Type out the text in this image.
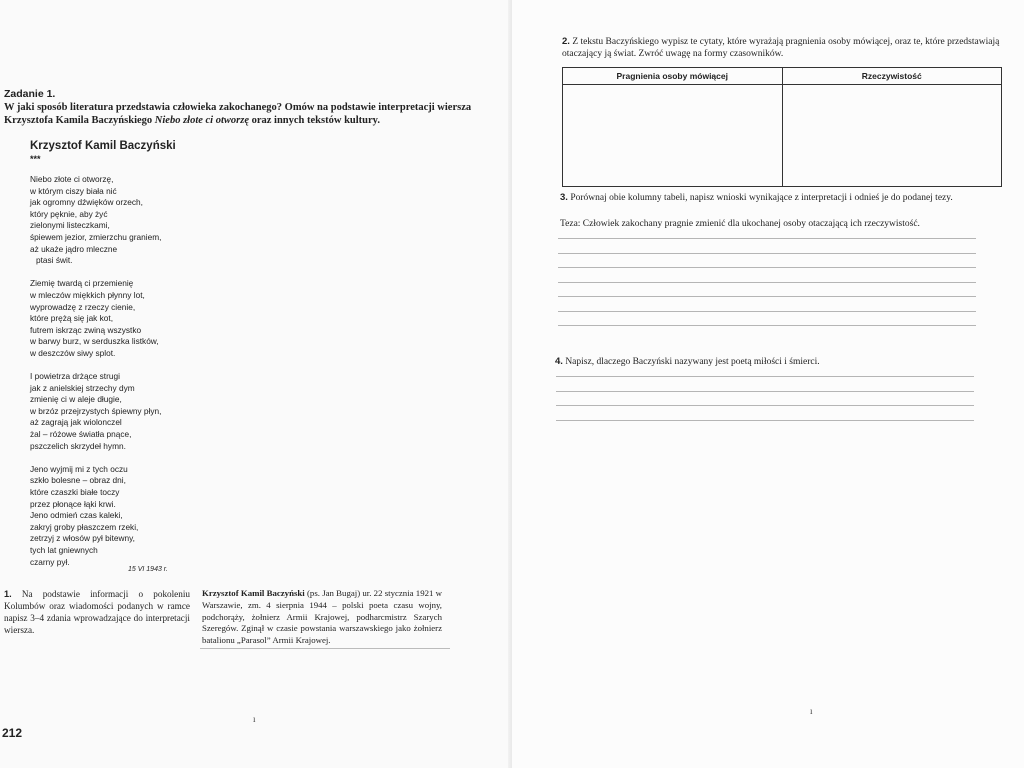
Zadanie 1.
W jaki sposób literatura przedstawia człowieka zakochanego? Omów na podstawie interpretacji wiersza Krzysztofa Kamila Baczyńskiego Niebo złote ci otworzę oraz innych tekstów kultury.
Krzysztof Kamil Baczyński
***
Niebo złote ci otworzę,
w którym ciszy biała nić
jak ogromny dźwięków orzech,
który pęknie, aby żyć
zielonymi listeczkami,
śpiewem jezior, zmierzchu graniem,
aż ukaże jądro mleczne
ptasi świt.
Ziemię twardą ci przemienię
w mleczów miękkich płynny lot,
wyprowadzę z rzeczy cienie,
które prężą się jak kot,
futrem iskrząc zwiną wszystko
w barwy burz, w serduszka listków,
w deszczów siwy splot.
I powietrza drżące strugi
jak z anielskiej strzechy dym
zmienię ci w aleje długie,
w brzóz przejrzystych śpiewny płyn,
aż zagrają jak wiolonczel
żal – różowe światła pnące,
pszczelich skrzydeł hymn.
Jeno wyjmij mi z tych oczu
szkło bolesne – obraz dni,
które czaszki białe toczy
przez płonące łąki krwi.
Jeno odmień czas kaleki,
zakryj groby płaszczem rzeki,
zetrzyj z włosów pył bitewny,
tych lat gniewnych
czarny pył.
15 VI 1943 r.
1. Na podstawie informacji o pokoleniu Kolumbów oraz wiadomości podanych w ramce napisz 3–4 zdania wprowadzające do interpretacji wiersza.
Krzysztof Kamil Baczyński (ps. Jan Bugaj) ur. 22 stycznia 1921 w Warszawie, zm. 4 sierpnia 1944 – polski poeta czasu wojny, podchorąży, żołnierz Armii Krajowej, podharcmistrz Szarych Szeregów. Zginął w czasie powstania warszawskiego jako żołnierz batalionu „Parasol” Armii Krajowej.
212
ı
2. Z tekstu Baczyńskiego wypisz te cytaty, które wyrażają pragnienia osoby mówiącej, oraz te, które przedstawiają otaczający ją świat. Zwróć uwagę na formy czasowników.
Pragnienia osoby mówiącej	Rzeczywistość
3. Porównaj obie kolumny tabeli, napisz wnioski wynikające z interpretacji i odnieś je do podanej tezy.
Teza: Człowiek zakochany pragnie zmienić dla ukochanej osoby otaczającą ich rzeczywistość.
4. Napisz, dlaczego Baczyński nazywany jest poetą miłości i śmierci.
ı
